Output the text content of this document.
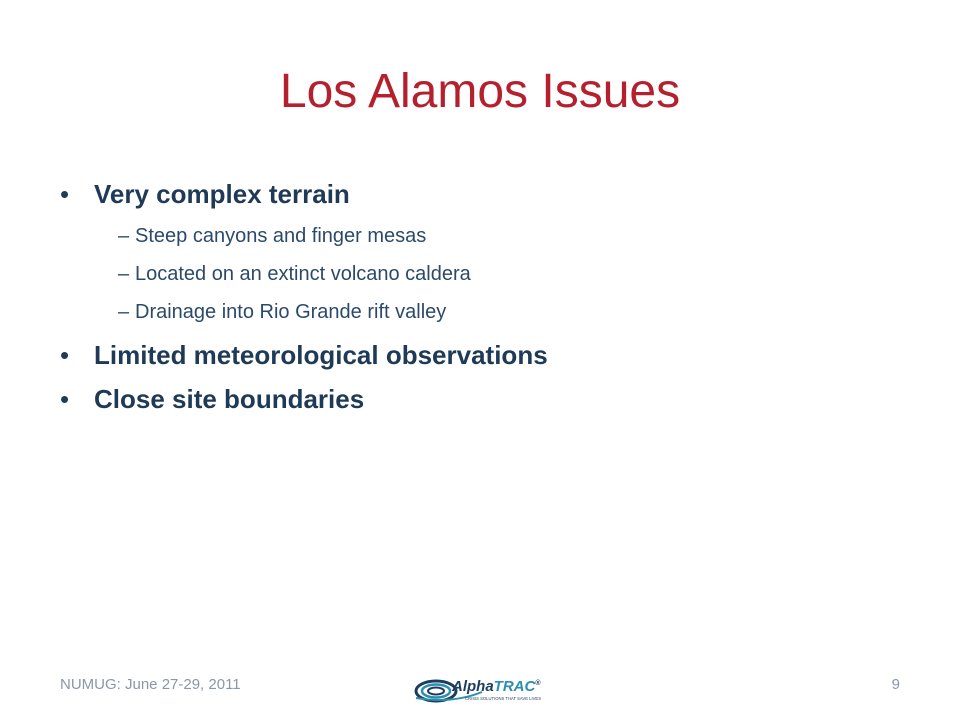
Los Alamos Issues
• Very complex terrain
– Steep canyons and finger mesas
– Located on an extinct volcano caldera
– Drainage into Rio Grande rift valley
• Limited meteorological observations
• Close site boundaries
NUMUG: June 27-29, 2011	AlphaTRAC®
CRISIS SOLUTIONS THAT SAVE LIVES
9
